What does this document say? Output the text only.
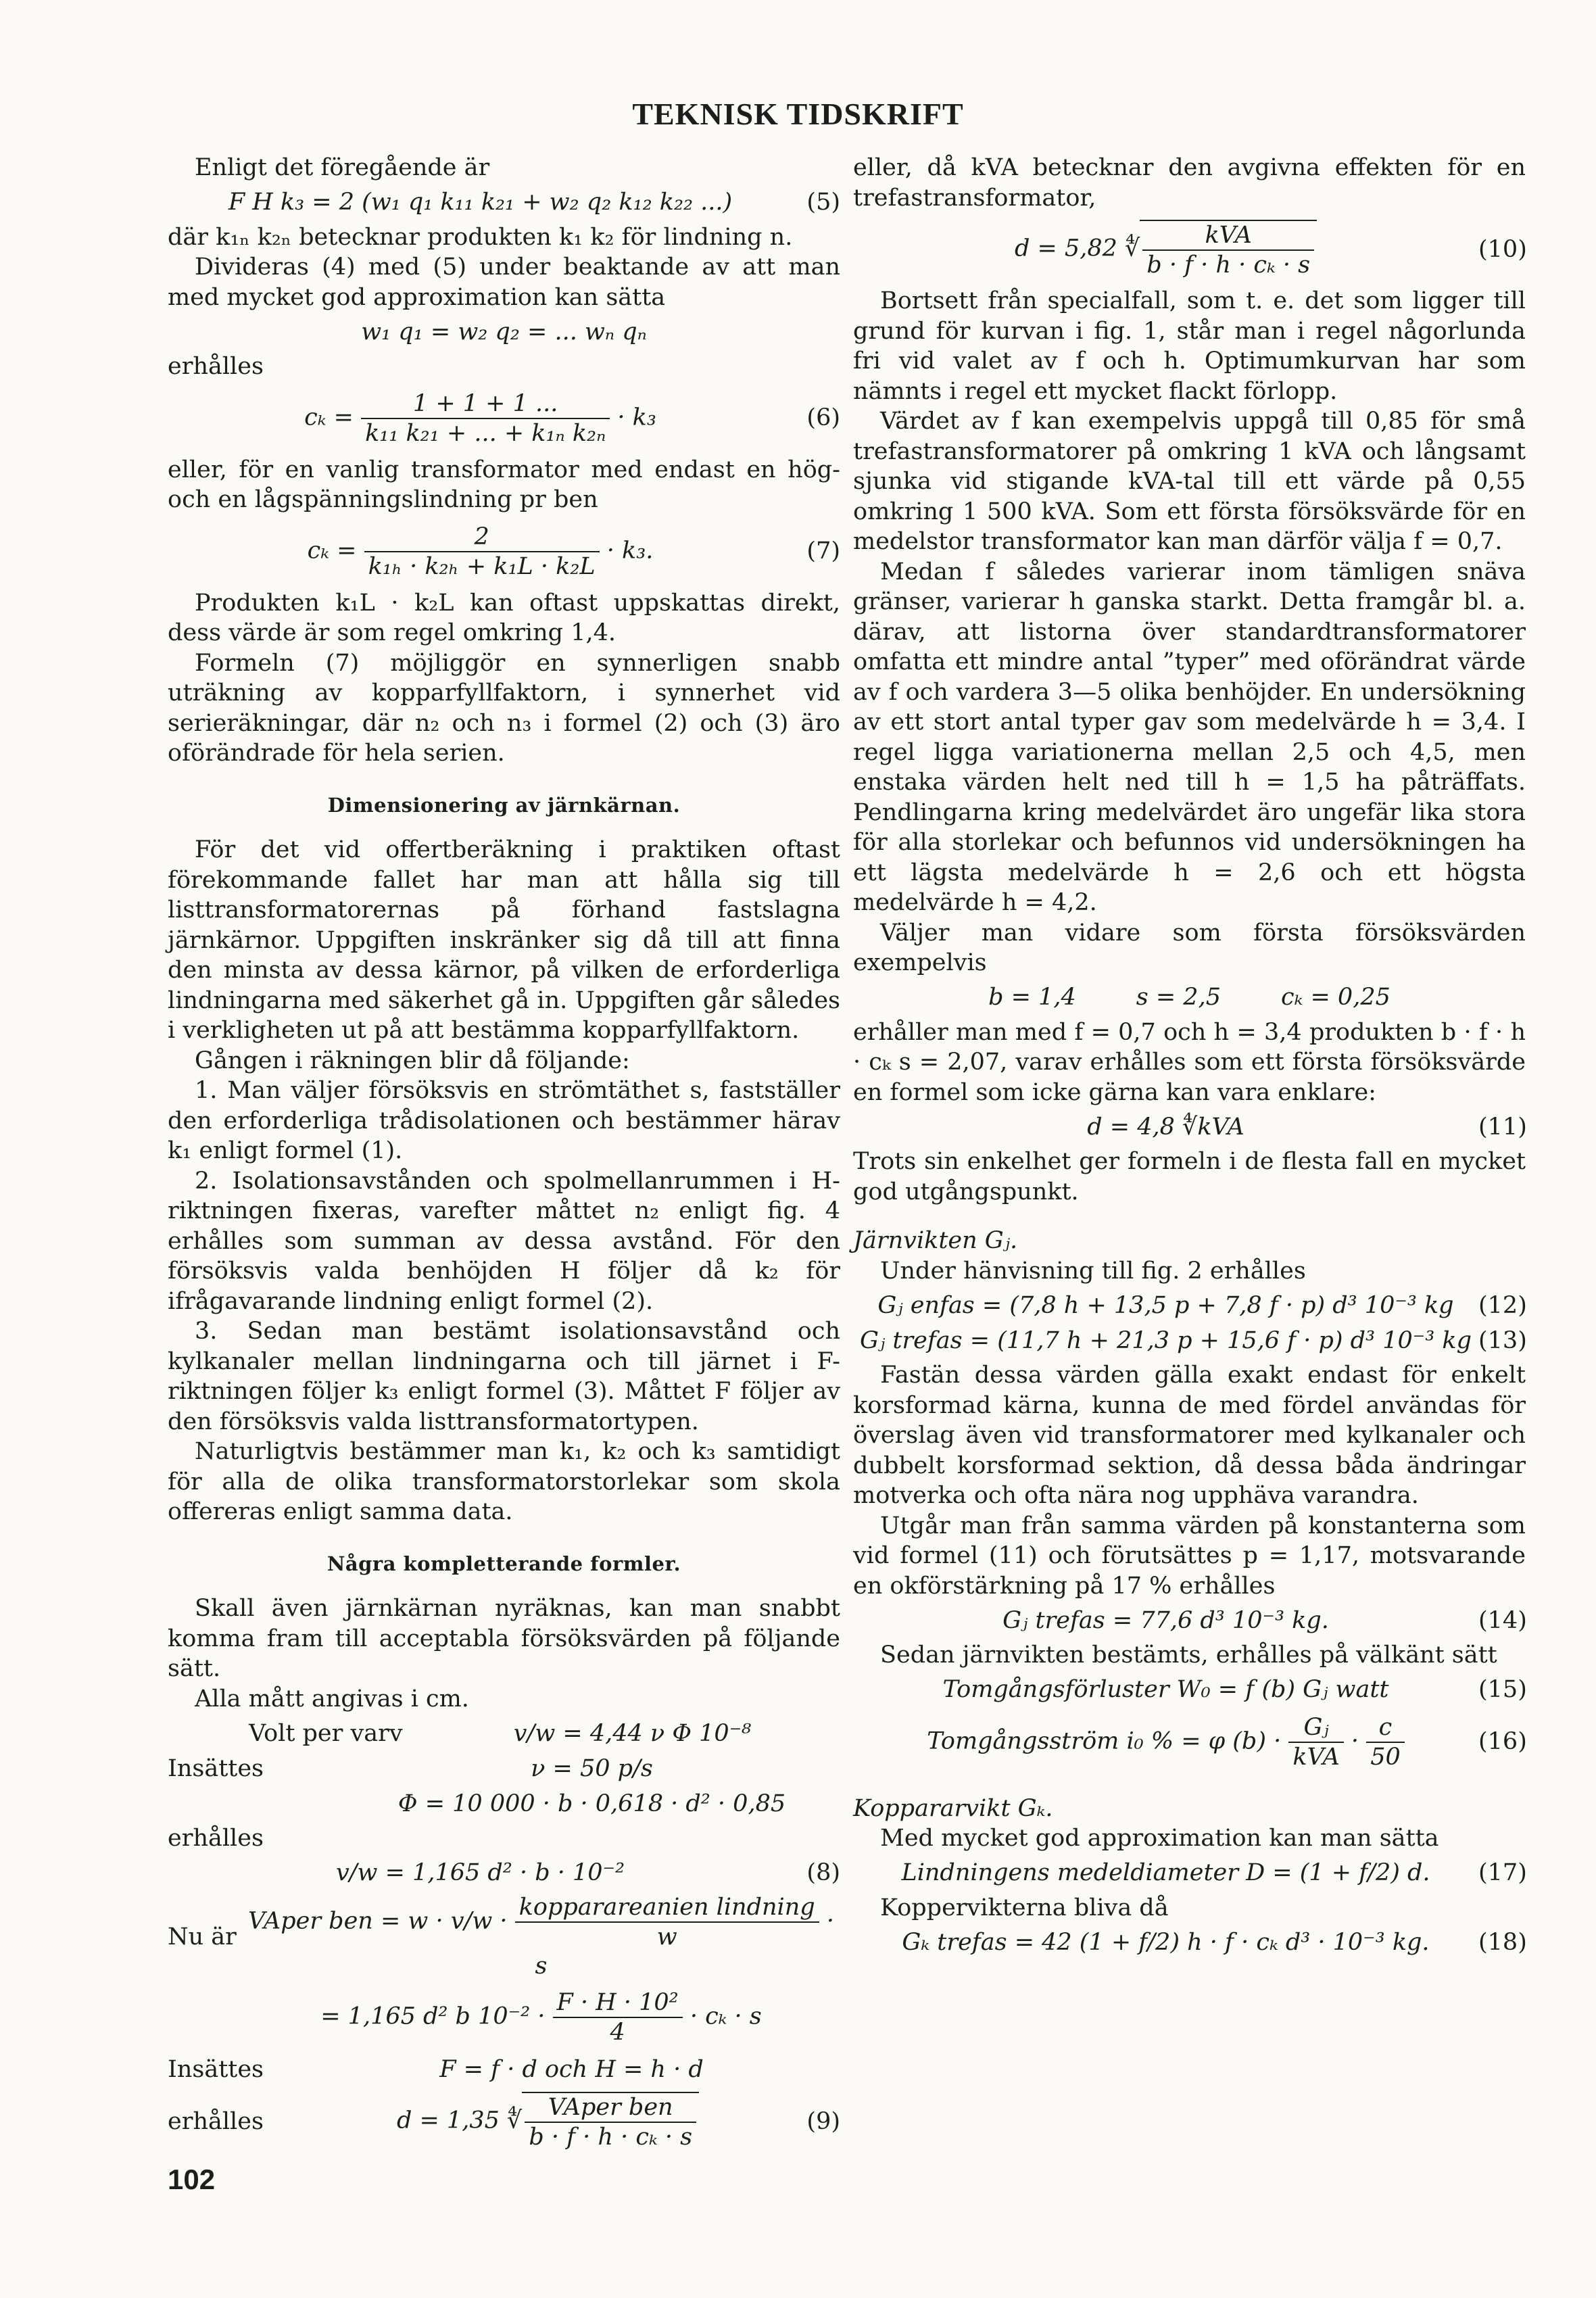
TEKNISK TIDSKRIFT

Enligt det föregående är

F H k₃ = 2 (w₁ q₁ k₁₁ k₂₁ + w₂ q₂ k₁₂ k₂₂ ...)	(5)

där k₁ₙ k₂ₙ betecknar produkten k₁ k₂ för lindning n.

Divideras (4) med (5) under beaktande av att man med mycket god approximation kan sätta

w₁ q₁ = w₂ q₂ = ... wₙ qₙ

erhålles

$c_k = \frac{1 + 1 + 1 ...}{\text{k₁₁ k₂₁ + ... + k₁ₙ k₂ₙ}} \cdot k_3$	(6)

eller, för en vanlig transformator med endast en hög- och en lågspänningslindning pr ben

$c_k = \frac{2}{\text{k₁ₕ · k₂ₕ + k₁L · k₂L}} \cdot k_3$.	(7)

Produkten k₁L · k₂L kan oftast uppskattas direkt, dess värde är som regel omkring 1,4.

Formeln (7) möjliggör en synnerligen snabb uträkning av kopparfyllfaktorn, i synnerhet vid serieräkningar, där n₂ och n₃ i formel (2) och (3) äro oförändrade för hela serien.

Dimensionering av järnkärnan.

För det vid offertberäkning i praktiken oftast förekommande fallet har man att hålla sig till listtransformatorernas på förhand fastslagna järnkärnor. Uppgiften inskränker sig då till att finna den minsta av dessa kärnor, på vilken de erforderliga lindningarna med säkerhet gå in. Uppgiften går således i verkligheten ut på att bestämma kopparfyllfaktorn.

Gången i räkningen blir då följande:

1. Man väljer försöksvis en strömtäthet s, fastställer den erforderliga trådisolationen och bestämmer härav k₁ enligt formel (1).

2. Isolationsavstånden och spolmellanrummen i H-riktningen fixeras, varefter måttet n₂ enligt fig. 4 erhålles som summan av dessa avstånd. För den försöksvis valda benhöjden H följer då k₂ för ifrågavarande lindning enligt formel (2).

3. Sedan man bestämt isolationsavstånd och kylkanaler mellan lindningarna och till järnet i F-riktningen följer k₃ enligt formel (3). Måttet F följer av den försöksvis valda listtransformatortypen.

Naturligtvis bestämmer man k₁, k₂ och k₃ samtidigt för alla de olika transformatorstorlekar som skola offereras enligt samma data.

Några kompletterande formler.

Skall även järnkärnan nyräknas, kan man snabbt komma fram till acceptabla försöksvärden på följande sätt.

Alla mått angivas i cm.

Volt per varv	v/w = 4,44 ν Φ 10⁻⁸
Insättes	ν = 50 p/s
Φ = 10 000 · b · 0,618 · d² · 0,85

erhålles

v/w = 1,165 d² · b · 10⁻²	(8)
Nu är
VAper ben = $w \cdot v/w \cdot \frac{\text{kopparareaniеn lindning}}{w} \cdot s$
= 1,165 d² b $10^{-2} \cdot \frac{\text{F · H · 10²}}{4} \cdot c_k \cdot s$
Insättes	F = f · d och H = h · d
erhålles	d = 1,35 ∜ $\frac{\text{VAper ben}}{\text{b · f · h · cₖ · s}}$	(9)

eller, då kVA betecknar den avgivna effekten för en trefastransformator,

d = 5,82 ∜ $\frac{\text{kVA}}{\text{b · f · h · cₖ · s}}$	(10)

Bortsett från specialfall, som t. e. det som ligger till grund för kurvan i fig. 1, står man i regel någorlunda fri vid valet av f och h. Optimumkurvan har som nämnts i regel ett mycket flackt förlopp.

Värdet av f kan exempelvis uppgå till 0,85 för små trefastransformatorer på omkring 1 kVA och långsamt sjunka vid stigande kVA-tal till ett värde på 0,55 omkring 1 500 kVA. Som ett första försöksvärde för en medelstor transformator kan man därför välja f = 0,7.

Medan f således varierar inom tämligen snäva gränser, varierar h ganska starkt. Detta framgår bl. a. därav, att listorna över standardtransformatorer omfatta ett mindre antal ”typer” med oförändrat värde av f och vardera 3—5 olika benhöjder. En undersökning av ett stort antal typer gav som medelvärde h = 3,4. I regel ligga variationerna mellan 2,5 och 4,5, men enstaka värden helt ned till h = 1,5 ha påträffats. Pendlingarna kring medelvärdet äro ungefär lika stora för alla storlekar och befunnos vid undersökningen ha ett lägsta medelvärde h = 2,6 och ett högsta medelvärde h = 4,2.

Väljer man vidare som första försöksvärden exempelvis

b = 1,4        s = 2,5        cₖ = 0,25

erhåller man med f = 0,7 och h = 3,4 produkten b · f · h · cₖ s = 2,07, varav erhålles som ett första försöksvärde en formel som icke gärna kan vara enklare:

d = 4,8 ∜kVA	(11)

Trots sin enkelhet ger formeln i de flesta fall en mycket god utgångspunkt.

Järnvikten Gⱼ.

Under hänvisning till fig. 2 erhålles

Gⱼ enfas = (7,8 h + 13,5 p + 7,8 f · p) d³ 10⁻³ kg	(12)
Gⱼ trefas = (11,7 h + 21,3 p + 15,6 f · p) d³ 10⁻³ kg (13)

Fastän dessa värden gälla exakt endast för enkelt korsformad kärna, kunna de med fördel användas för överslag även vid transformatorer med kylkanaler och dubbelt korsformad sektion, då dessa båda ändringar motverka och ofta nära nog upphäva varandra.

Utgår man från samma värden på konstanterna som vid formel (11) och förutsättes p = 1,17, motsvarande en okförstärkning på 17 % erhålles

Gⱼ trefas = 77,6 d³ 10⁻³ kg.	(14)

Sedan järnvikten bestämts, erhålles på välkänt sätt

Tomgångsförluster W₀ = f (b) Gⱼ watt	(15)
Tomgångsström i₀ % = φ $(b) \cdot \frac{\text{Gⱼ}}{\text{kVA}} \cdot \frac{c}{50}$	(16)

Koppararvikt Gₖ.

Med mycket god approximation kan man sätta

Lindningens medeldiameter D = (1 + f/2) d.	(17)

Koppervikterna bliva då

Gₖ trefas = 42 (1 + f/2) h · f · cₖ d³ · 10⁻³ kg.	(18)
102
